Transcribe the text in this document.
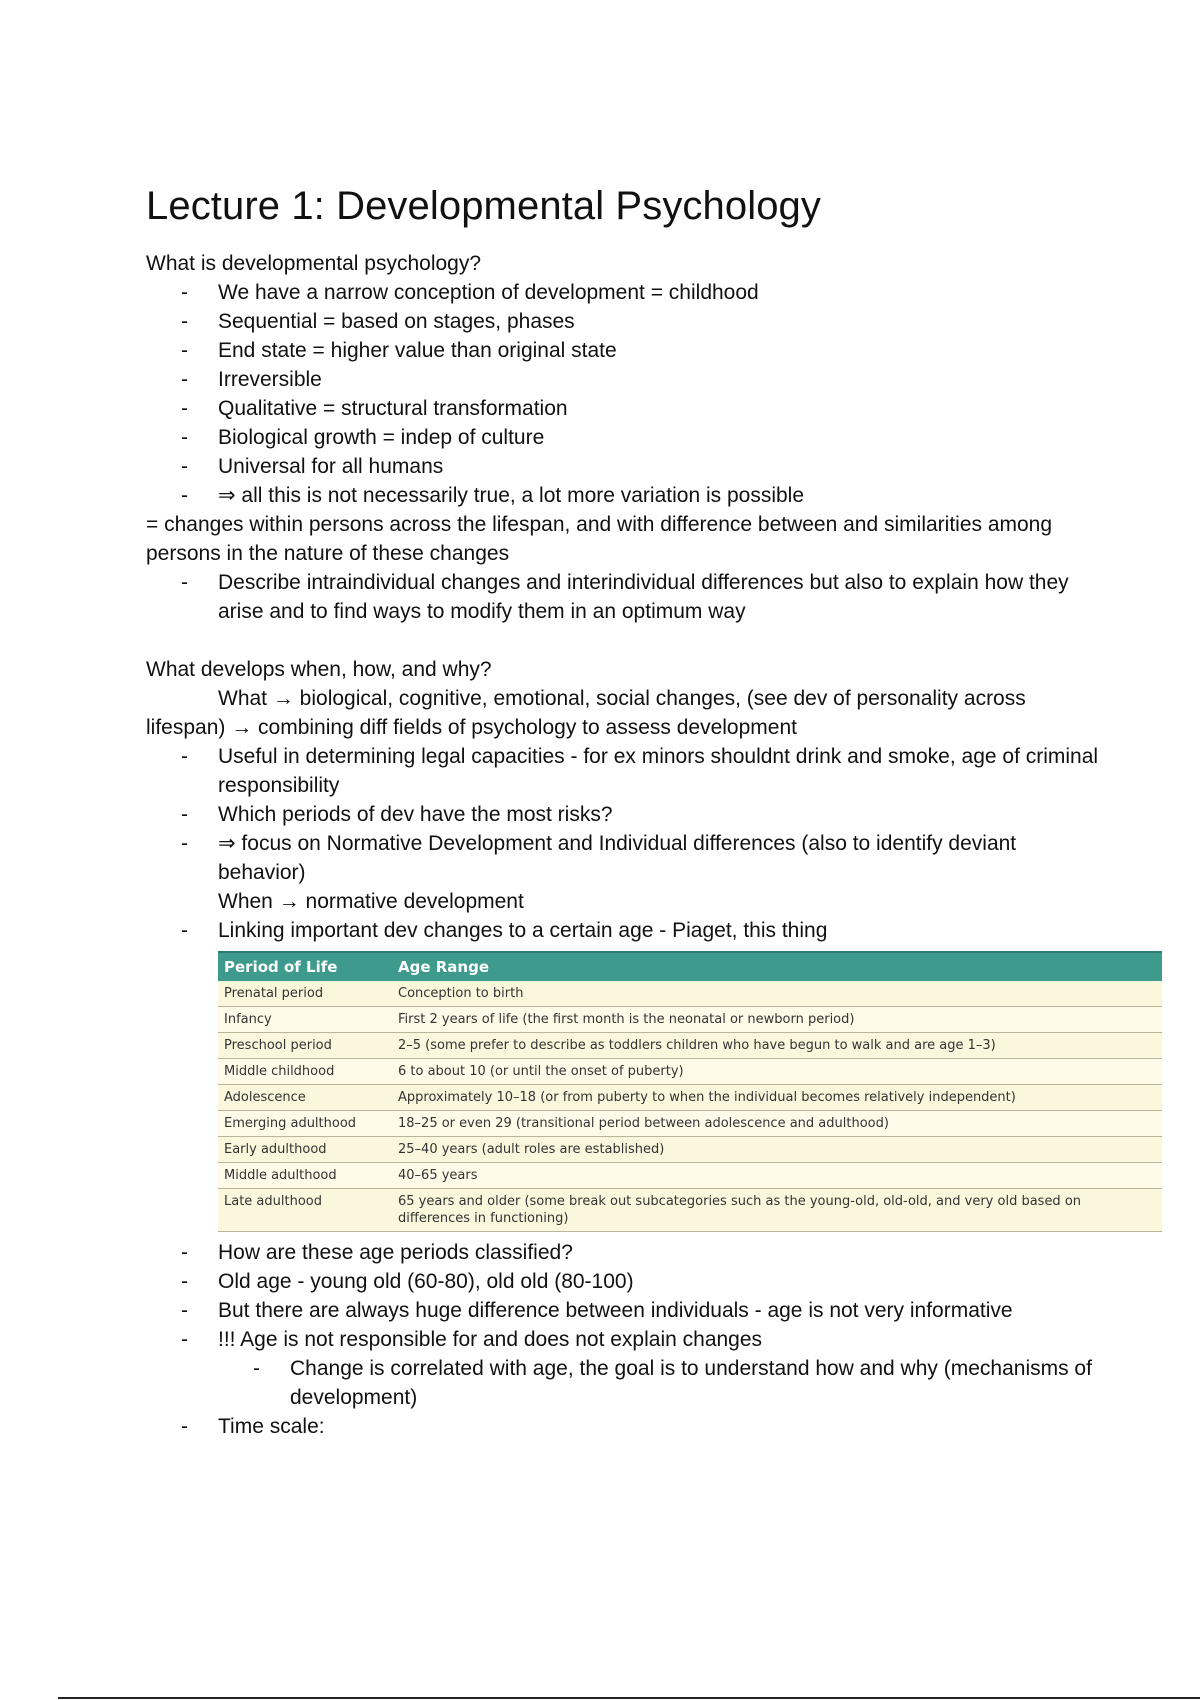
Lecture 1: Developmental Psychology

What is developmental psychology?

- We have a narrow conception of development = childhood
- Sequential = based on stages, phases
- End state = higher value than original state
- Irreversible
- Qualitative = structural transformation
- Biological growth = indep of culture
- Universal for all humans
- ⇒ all this is not necessarily true, a lot more variation is possible

= changes within persons across the lifespan, and with difference between and similarities among persons in the nature of these changes

- Describe intraindividual changes and interindividual differences but also to explain how they arise and to find ways to modify them in an optimum way

What develops when, how, and why?

What → biological, cognitive, emotional, social changes, (see dev of personality across lifespan) → combining diff fields of psychology to assess development

- Useful in determining legal capacities - for ex minors shouldnt drink and smoke, age of criminal responsibility
- Which periods of dev have the most risks?
- ⇒ focus on Normative Development and Individual differences (also to identify deviant behavior)
When → normative development
- Linking important dev changes to a certain age - Piaget, this thing
Period of Life	Age Range
Prenatal period	Conception to birth
Infancy	First 2 years of life (the first month is the neonatal or newborn period)
Preschool period	2–5 (some prefer to describe as toddlers children who have begun to walk and are age 1–3)
Middle childhood	6 to about 10 (or until the onset of puberty)
Adolescence	Approximately 10–18 (or from puberty to when the individual becomes relatively independent)
Emerging adulthood	18–25 or even 29 (transitional period between adolescence and adulthood)
Early adulthood	25–40 years (adult roles are established)
Middle adulthood	40–65 years
Late adulthood	65 years and older (some break out subcategories such as the young-old, old-old, and very old based on differences in functioning)
- How are these age periods classified?
- Old age - young old (60-80), old old (80-100)
- But there are always huge difference between individuals - age is not very informative
- !!! Age is not responsible for and does not explain changes
- Change is correlated with age, the goal is to understand how and why (mechanisms of development)
- Time scale:
